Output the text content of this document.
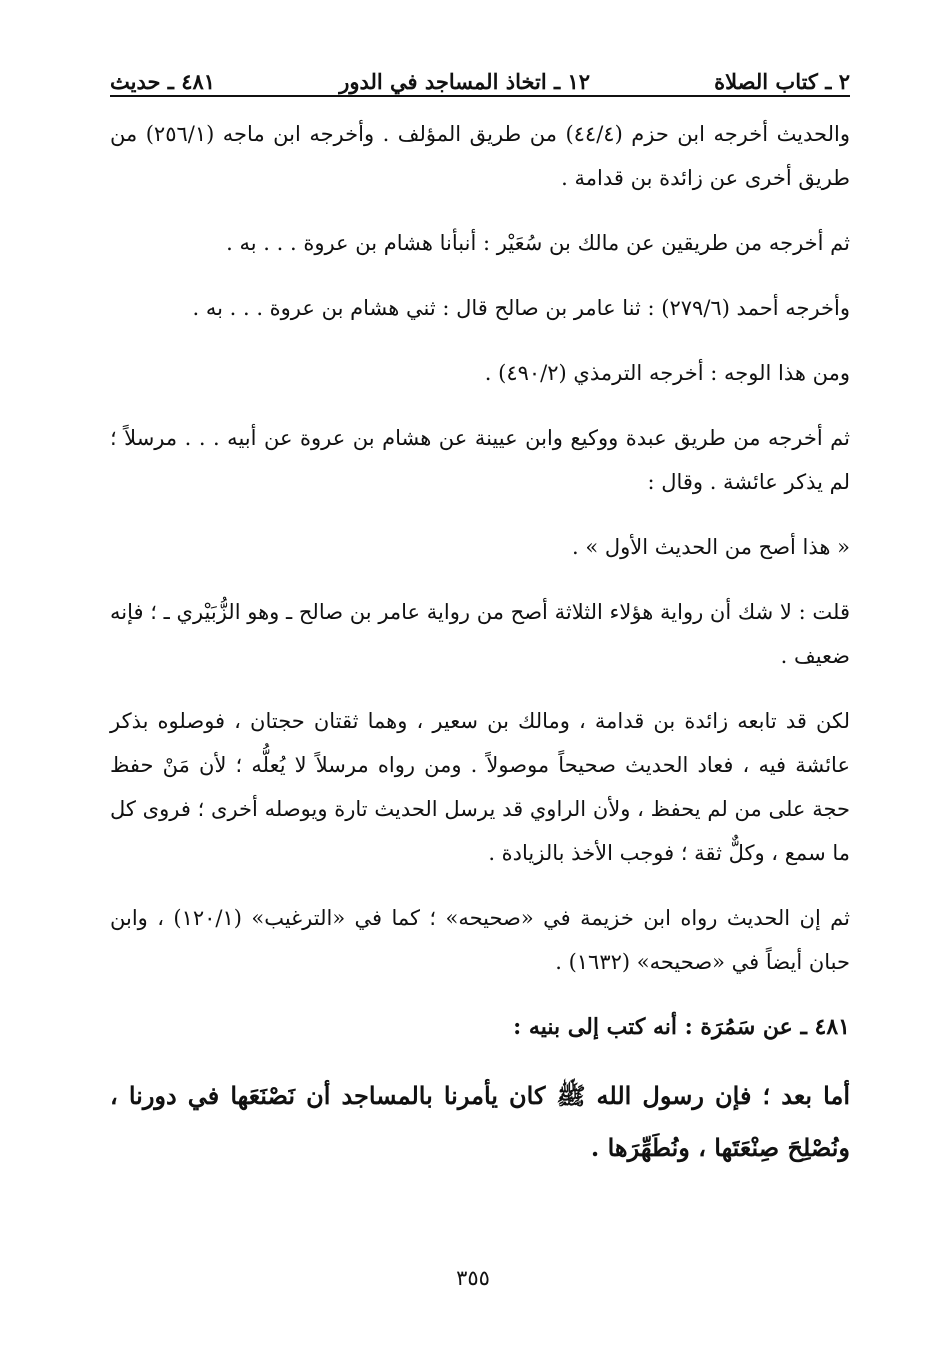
٢ ـ كتاب الصلاة
١٢ ـ اتخاذ المساجد في الدور
٤٨١ ـ حديث

والحديث أخرجه ابن حزم (٤٤/٤) من طريق المؤلف . وأخرجه ابن ماجه (٢٥٦/١) من طريق أخرى عن زائدة بن قدامة .

ثم أخرجه من طريقين عن مالك بن سُعَيْر : أنبأنا هشام بن عروة . . . به .

وأخرجه أحمد (٢٧٩/٦) : ثنا عامر بن صالح قال : ثني هشام بن عروة . . . به .

ومن هذا الوجه : أخرجه الترمذي (٤٩٠/٢) .

ثم أخرجه من طريق عبدة ووكيع وابن عيينة عن هشام بن عروة عن أبيه . . . مرسلاً ؛ لم يذكر عائشة . وقال :

« هذا أصح من الحديث الأول » .

قلت : لا شك أن رواية هؤلاء الثلاثة أصح من رواية عامر بن صالح ـ وهو الزُّبَيْري ـ ؛ فإنه ضعيف .

لكن قد تابعه زائدة بن قدامة ، ومالك بن سعير ، وهما ثقتان حجتان ، فوصلوه بذكر عائشة فيه ، فعاد الحديث صحيحاً موصولاً . ومن رواه مرسلاً لا يُعلُّه ؛ لأن مَنْ حفظ حجة على من لم يحفظ ، ولأن الراوي قد يرسل الحديث تارة ويوصله أخرى ؛ فروى كل ما سمع ، وكلٌّ ثقة ؛ فوجب الأخذ بالزيادة .

ثم إن الحديث رواه ابن خزيمة في «صحيحه» ؛ كما في «الترغيب» (١٢٠/١) ، وابن حبان أيضاً في «صحيحه» (١٦٣٢) .

٤٨١ ـ عن سَمُرَة : أنه كتب إلى بنيه :

أما بعد ؛ فإن رسول الله ﷺ كان يأمرنا بالمساجد أن نَصْنَعَها في دورنا ، ونُصْلِحَ صِنْعَتَها ، ونُطَهِّرَها .

٣٥٥
